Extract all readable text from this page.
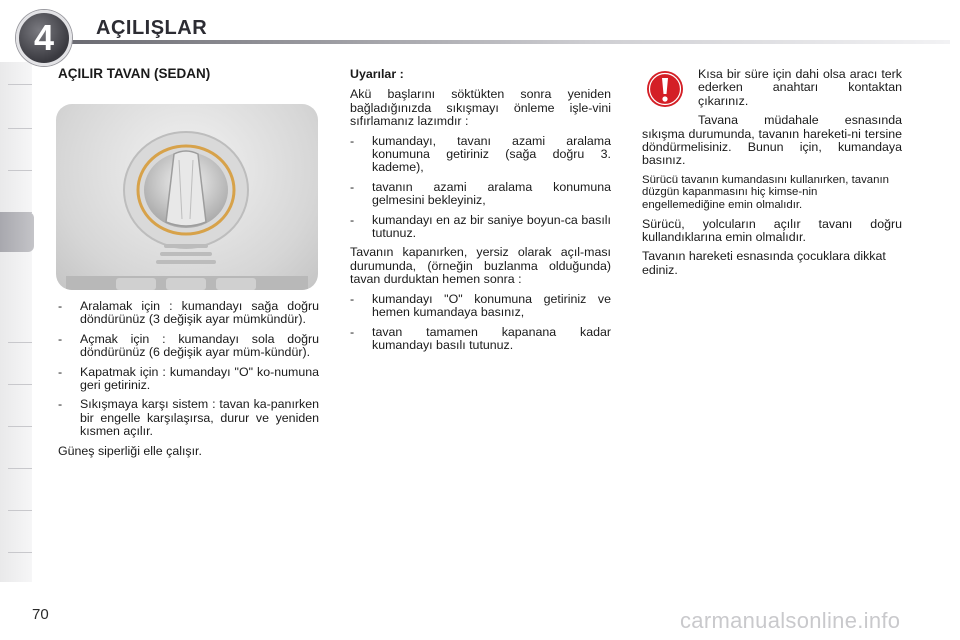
4	AÇILIŞLAR
AÇILIR TAVAN (SEDAN)
-	Aralamak için : kumandayı sağa doğru döndürünüz (3 değişik ayar mümkündür).
-	Açmak için : kumandayı sola doğru döndürünüz (6 değişik ayar müm-kündür).
-	Kapatmak için : kumandayı "O" ko-numuna geri getiriniz.
-	Sıkışmaya karşı sistem : tavan ka-panırken bir engelle karşılaşırsa, durur ve yeniden kısmen açılır.

Güneş siperliği elle çalışır.

Uyarılar :

Akü başlarını söktükten sonra yeniden bağladığınızda sıkışmayı önleme işle-vini sıfırlamanız lazımdır :

-	kumandayı, tavanı azami aralama konumuna getiriniz (sağa doğru 3. kademe),
-	tavanın azami aralama konumuna gelmesini bekleyiniz,
-	kumandayı en az bir saniye boyun-ca basılı tutunuz.

Tavanın kapanırken, yersiz olarak açıl-ması durumunda, (örneğin buzlanma olduğunda) tavan durduktan hemen sonra :

-	kumandayı "O" konumuna getiriniz ve hemen kumandaya basınız,
-	tavan tamamen kapanana kadar kumandayı basılı tutunuz.

Kısa bir süre için dahi olsa aracı terk ederken anahtarı kontaktan çıkarınız.

Tavana müdahale esnasında sıkışma durumunda, tavanın hareketi-ni tersine döndürmelisiniz. Bunun için, kumandaya basınız.

Sürücü tavanın kumandasını kullanırken, tavanın düzgün kapanmasını hiç kimse-nin engellemediğine emin olmalıdır.

Sürücü, yolcuların açılır tavanı doğru kullandıklarına emin olmalıdır.

Tavanın hareketi esnasında çocuklara dikkat ediniz.

70	carmanualsonline.info
